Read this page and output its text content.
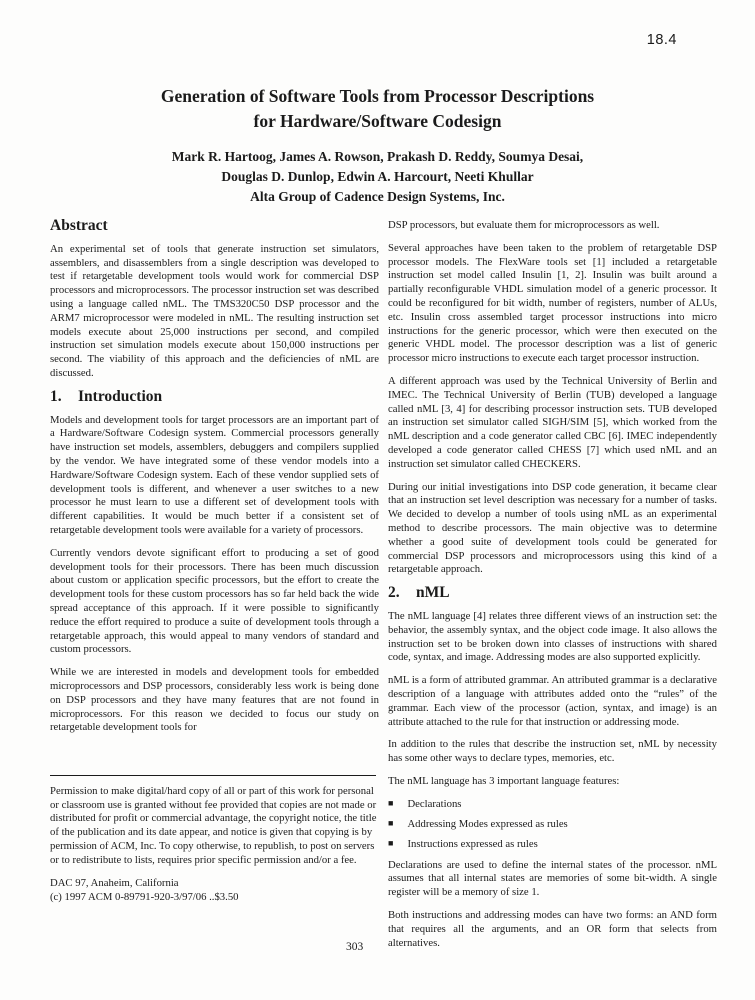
18.4
Generation of Software Tools from Processor Descriptions
for Hardware/Software Codesign
Mark R. Hartoog, James A. Rowson, Prakash D. Reddy, Soumya Desai,
Douglas D. Dunlop, Edwin A. Harcourt, Neeti Khullar
Alta Group of Cadence Design Systems, Inc.
Abstract

An experimental set of tools that generate instruction set simulators, assemblers, and disassemblers from a single description was developed to test if retargetable development tools would work for commercial DSP processors and microprocessors. The processor instruction set was described using a language called nML. The TMS320C50 DSP processor and the ARM7 microprocessor were modeled in nML. The resulting instruction set models execute about 25,000 instructions per second, and compiled instruction set simulation models execute about 150,000 instructions per second. The viability of this approach and the deficiencies of nML are discussed.

1. Introduction

Models and development tools for target processors are an important part of a Hardware/Software Codesign system. Commercial processors generally have instruction set models, assemblers, debuggers and compilers supplied by the vendor. We have integrated some of these vendor models into a Hardware/Software Codesign system. Each of these vendor supplied sets of development tools is different, and whenever a user switches to a new processor he must learn to use a different set of development tools with different capabilities. It would be much better if a consistent set of retargetable development tools were available for a variety of processors.

Currently vendors devote significant effort to producing a set of good development tools for their processors. There has been much discussion about custom or application specific processors, but the effort to create the development tools for these custom processors has so far held back the wide spread acceptance of this approach. If it were possible to significantly reduce the effort required to produce a suite of development tools through a retargetable approach, this would appeal to many vendors of standard and custom processors.

While we are interested in models and development tools for embedded microprocessors and DSP processors, considerably less work is being done on DSP processors and they have many features that are not found in microprocessors. For this reason we decided to focus our study on retargetable development tools for

DSP processors, but evaluate them for microprocessors as well.

Several approaches have been taken to the problem of retargetable DSP processor models. The FlexWare tools set [1] included a retargetable instruction set model called Insulin [1, 2]. Insulin was built around a partially reconfigurable VHDL simulation model of a generic processor. It could be reconfigured for bit width, number of registers, number of ALUs, etc. Insulin cross assembled target processor instructions into micro instructions for the generic processor, which were then executed on the generic VHDL model. The processor description was a list of generic processor micro instructions to execute each target processor instruction.

A different approach was used by the Technical University of Berlin and IMEC. The Technical University of Berlin (TUB) developed a language called nML [3, 4] for describing processor instruction sets. TUB developed an instruction set simulator called SIGH/SIM [5], which worked from the nML description and a code generator called CBC [6]. IMEC independently developed a code generator called CHESS [7] which used nML and an instruction set simulator called CHECKERS.

During our initial investigations into DSP code generation, it became clear that an instruction set level description was necessary for a number of tasks. We decided to develop a number of tools using nML as an experimental method to describe processors. The main objective was to determine whether a good suite of development tools could be generated for commercial DSP processors and microprocessors using this kind of a retargetable approach.

2. nML

The nML language [4] relates three different views of an instruction set: the behavior, the assembly syntax, and the object code image. It also allows the instruction set to be broken down into classes of instructions with shared code, syntax, and image. Addressing modes are also supported explicitly.

nML is a form of attributed grammar. An attributed grammar is a declarative description of a language with attributes added onto the “rules” of the grammar. Each view of the processor (action, syntax, and image) is an attribute attached to the rule for that instruction or addressing mode.

In addition to the rules that describe the instruction set, nML by necessity has some other ways to declare types, memories, etc.

The nML language has 3 important language features:

■ Declarations
■ Addressing Modes expressed as rules
■ Instructions expressed as rules

Declarations are used to define the internal states of the processor. nML assumes that all internal states are memories of some bit-width. A single register will be a memory of size 1.

Both instructions and addressing modes can have two forms: an AND form that requires all the arguments, and an OR form that selects from alternatives.

Permission to make digital/hard copy of all or part of this work for personal or classroom use is granted without fee provided that copies are not made or distributed for profit or commercial advantage, the copyright notice, the title of the publication and its date appear, and notice is given that copying is by permission of ACM, Inc. To copy otherwise, to republish, to post on servers or to redistribute to lists, requires prior specific permission and/or a fee.

DAC 97, Anaheim, California
(c) 1997 ACM 0-89791-920-3/97/06 ..$3.50
303
